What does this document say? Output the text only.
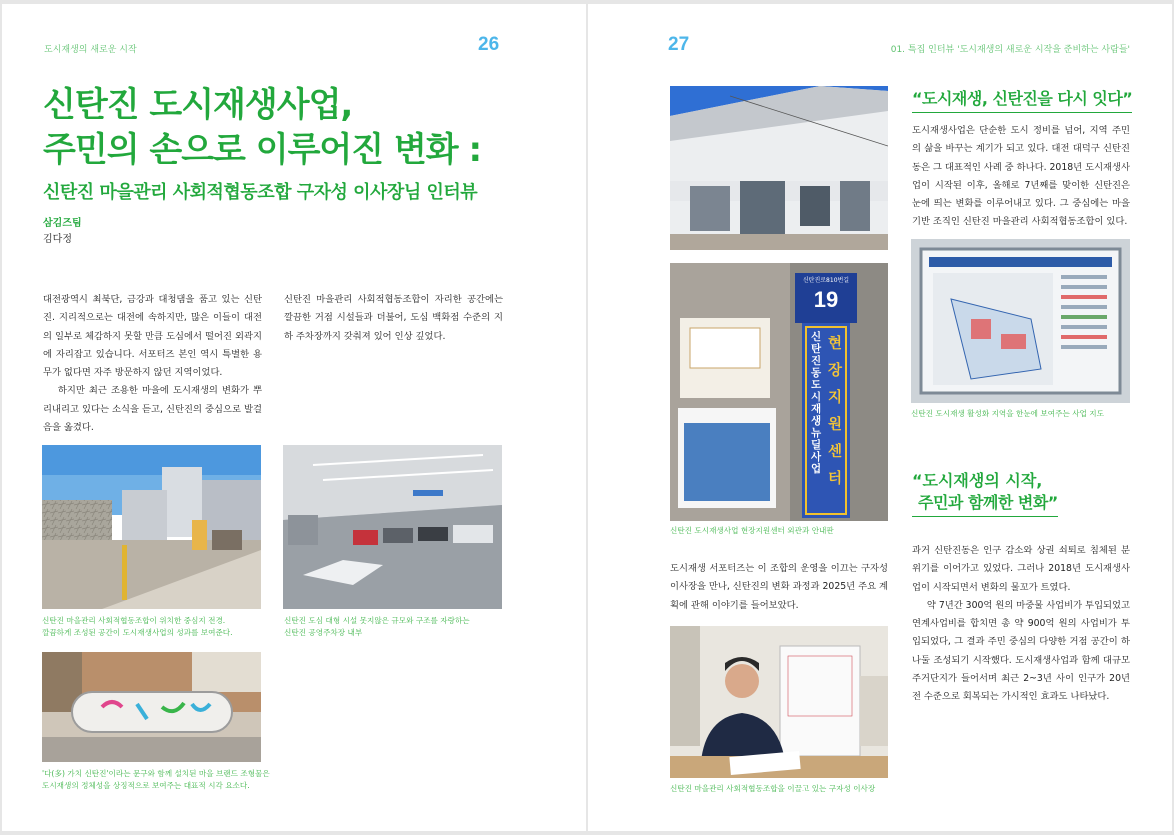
도시재생의 새로운 시작	26
신탄진 도시재생사업,
주민의 손으로 이루어진 변화 :
신탄진 마을관리 사회적협동조합 구자성 이사장님 인터뷰
삼김즈팀
김다정
대전광역시 최북단, 금강과 대청댐을 품고 있는 신탄진. 지리적으로는 대전에 속하지만, 많은 이들이 대전의 일부로 체감하지 못할 만큼 도심에서 떨어진 외곽지에 자리잡고 있습니다. 서포터즈 본인 역시 특별한 용무가 없다면 자주 방문하지 않던 지역이었다.
하지만 최근 조용한 마을에 도시재생의 변화가 뿌리내리고 있다는 소식을 듣고, 신탄진의 중심으로 발걸음을 옮겼다.
신탄진 마을관리 사회적협동조합이 자리한 공간에는 깔끔한 거점 시설들과 더불어, 도심 백화점 수준의 지하 주차장까지 갖춰져 있어 인상 깊었다.
신탄진 마을관리 사회적협동조합이 위치한 중심지 전경.
깔끔하게 조성된 공간이 도시재생사업의 성과를 보여준다.
신탄진 도심 대형 시설 못지않은 규모와 구조를 자랑하는
신탄진 공영주차장 내부
'다(多) 가치 신탄진'이라는 문구와 함께 설치된 마을 브랜드 조형물은
도시재생의 정체성을 상징적으로 보여주는 대표적 시각 요소다.
27	01. 특집 인터뷰 '도시재생의 새로운 시작을 준비하는 사람들'
신탄진로810번길
19
신탄진동 도시재생 뉴딜사업
현장지원센터
신탄진 도시재생사업 현장지원센터 외관과 안내판
도시재생 서포터즈는 이 조합의 운영을 이끄는 구자성 이사장을 만나, 신탄진의 변화 과정과 2025년 주요 계획에 관해 이야기를 들어보았다.
신탄진 마을관리 사회적협동조합을 이끌고 있는 구자성 이사장
“도시재생, 신탄진을 다시 잇다”
도시재생사업은 단순한 도시 정비를 넘어, 지역 주민의 삶을 바꾸는 계기가 되고 있다. 대전 대덕구 신탄진동은 그 대표적인 사례 중 하나다. 2018년 도시재생사업이 시작된 이후, 올해로 7년째를 맞이한 신탄진은 눈에 띄는 변화를 이루어내고 있다. 그 중심에는 마을 기반 조직인 신탄진 마을관리 사회적협동조합이 있다.
신탄진 도시재생 활성화 지역을 한눈에 보여주는 사업 지도
“도시재생의 시작,
주민과 함께한 변화”
과거 신탄진동은 인구 감소와 상권 쇠퇴로 침체된 분위기를 이어가고 있었다. 그러나 2018년 도시재생사업이 시작되면서 변화의 물꼬가 트였다.
약 7년간 300억 원의 마중물 사업비가 투입되었고 연계사업비를 합치면 총 약 900억 원의 사업비가 투입되었다, 그 결과 주민 중심의 다양한 거점 공간이 하나둘 조성되기 시작했다. 도시재생사업과 함께 대규모 주거단지가 들어서며 최근 2~3년 사이 인구가 20년 전 수준으로 회복되는 가시적인 효과도 나타났다.
